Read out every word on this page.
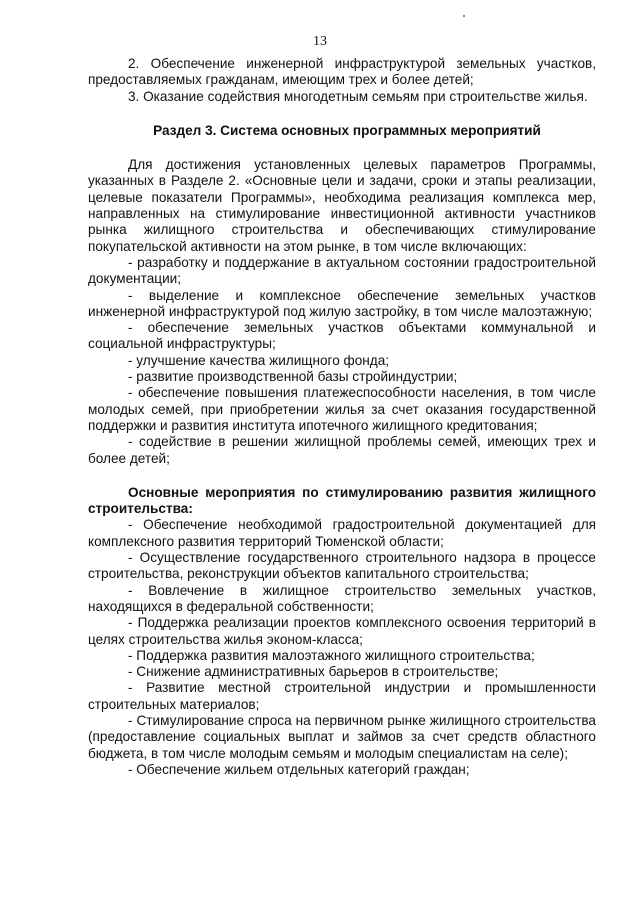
13

2. Обеспечение инженерной инфраструктурой земельных участков, предоставляемых гражданам, имеющим трех и более детей;

3. Оказание содействия многодетным семьям при строительстве жилья.

Раздел 3. Система основных программных мероприятий

Для достижения установленных целевых параметров Программы, указанных в Разделе 2. «Основные цели и задачи, сроки и этапы реализации, целевые показатели Программы», необходима реализация комплекса мер, направленных на стимулирование инвестиционной активности участников рынка жилищного строительства и обеспечивающих стимулирование покупательской активности на этом рынке, в том числе включающих:

- разработку и поддержание в актуальном состоянии градостроительной документации;

- выделение и комплексное обеспечение земельных участков инженерной инфраструктурой под жилую застройку, в том числе малоэтажную;

- обеспечение земельных участков объектами коммунальной и социальной инфраструктуры;

- улучшение качества жилищного фонда;

- развитие производственной базы стройиндустрии;

- обеспечение повышения платежеспособности населения, в том числе молодых семей, при приобретении жилья за счет оказания государственной поддержки и развития института ипотечного жилищного кредитования;

- содействие в решении жилищной проблемы семей, имеющих трех и более детей;

Основные мероприятия по стимулированию развития жилищного строительства:

- Обеспечение необходимой градостроительной документацией для комплексного развития территорий Тюменской области;

- Осуществление государственного строительного надзора в процессе строительства, реконструкции объектов капитального строительства;

- Вовлечение в жилищное строительство земельных участков, находящихся в федеральной собственности;

- Поддержка реализации проектов комплексного освоения территорий в целях строительства жилья эконом-класса;

- Поддержка развития малоэтажного жилищного строительства;

- Снижение административных барьеров в строительстве;

- Развитие местной строительной индустрии и промышленности строительных материалов;

- Стимулирование спроса на первичном рынке жилищного строительства (предоставление социальных выплат и займов за счет средств областного бюджета, в том числе молодым семьям и молодым специалистам на селе);

- Обеспечение жильем отдельных категорий граждан;
